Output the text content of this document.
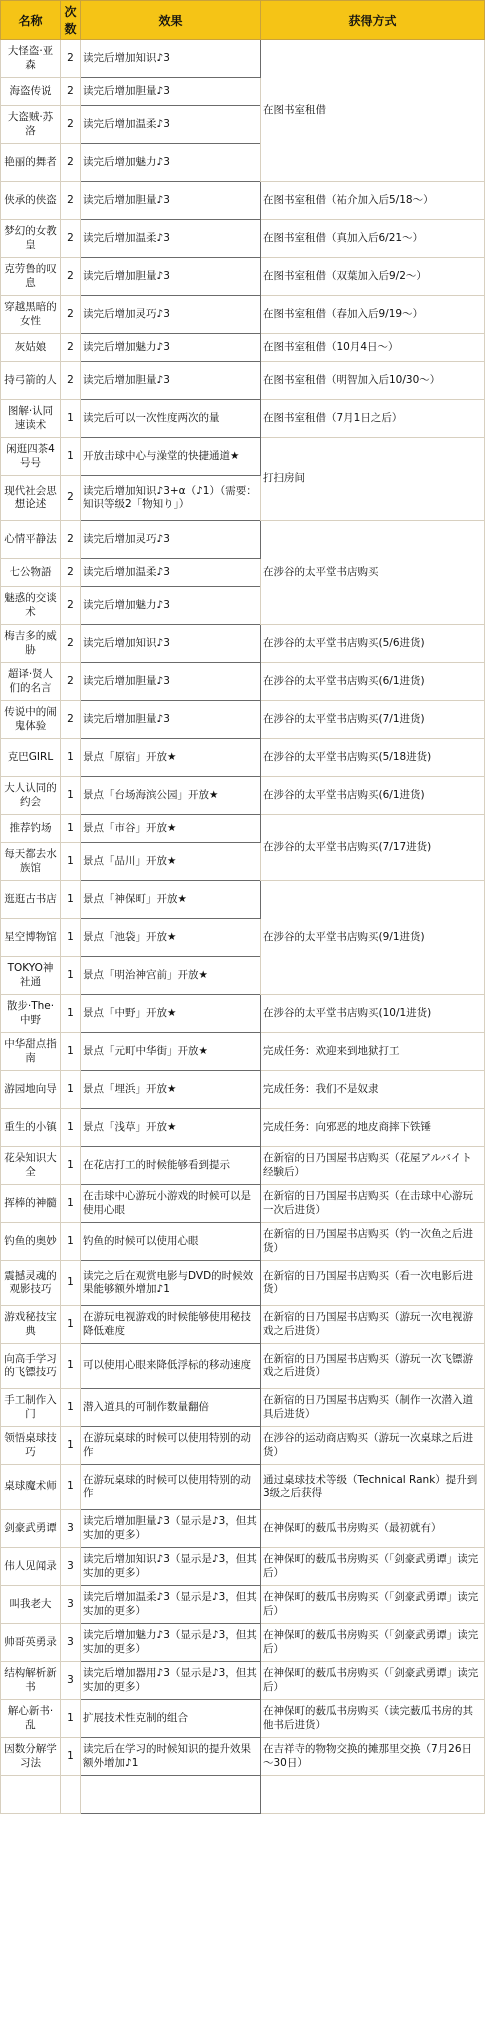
名称	次数	效果	获得方式
大怪盗·亚森	2	读完后增加知识♪3	在图书室租借
海盗传说	2	读完后增加胆量♪3	
大盗贼·苏洛	2	读完后增加温柔♪3	
艳丽的舞者	2	读完后增加魅力♪3	
侠承的侠盗	2	读完后增加胆量♪3	在图书室租借（祐介加入后5/18～）
梦幻的女教皇	2	读完后增加温柔♪3	在图书室租借（真加入后6/21～）
克劳鲁的叹息	2	读完后增加胆量♪3	在图书室租借（双葉加入后9/2～）
穿越黑暗的女性	2	读完后增加灵巧♪3	在图书室租借（春加入后9/19～）
灰姑娘	2	读完后增加魅力♪3	在图书室租借（10月4日～）
持弓箭的人	2	读完后增加胆量♪3	在图书室租借（明智加入后10/30～）
图解·认同速读术	1	读完后可以一次性度两次的量	在图书室租借（7月1日之后）
闲逛四茶4号号	1	开放击球中心与澡堂的快捷通道★	打扫房间
现代社会思想论述	2	读完后增加知识♪3+α（♪1）（需要：知识等级2「物知り」）	
心情平静法	2	读完后增加灵巧♪3	在涉谷的太平堂书店购买
七公物語	2	读完后增加温柔♪3	
魅惑的交谈术	2	读完后增加魅力♪3	
梅吉多的威胁	2	读完后增加知识♪3	在涉谷的太平堂书店购买(5/6进货)
超译·贤人们的名言	2	读完后增加胆量♪3	在涉谷的太平堂书店购买(6/1进货)
传说中的闹鬼体验	2	读完后增加胆量♪3	在涉谷的太平堂书店购买(7/1进货)
克巴GIRL	1	景点「原宿」开放★	在涉谷的太平堂书店购买(5/18进货)
大人认同的约会	1	景点「台场海滨公园」开放★	在涉谷的太平堂书店购买(6/1进货)
推荐钓场	1	景点「市谷」开放★	在涉谷的太平堂书店购买(7/17进货)
每天都去水族馆	1	景点「品川」开放★	
逛逛古书店	1	景点「神保町」开放★	在涉谷的太平堂书店购买(9/1进货)
星空博物馆	1	景点「池袋」开放★	
TOKYO神社通	1	景点「明治神宫前」开放★	
散步·The·中野	1	景点「中野」开放★	在涉谷的太平堂书店购买(10/1进货)
中华甜点指南	1	景点「元町中华街」开放★	完成任务：欢迎来到地狱打工
游园地向导	1	景点「埋浜」开放★	完成任务：我们不是奴隶
重生的小镇	1	景点「浅草」开放★	完成任务：向邪恶的地皮商摔下铁锤
花朵知识大全	1	在花店打工的时候能够看到提示	在新宿的日乃国屋书店购买（花屋アルバイト经験后）
挥棒的神髓	1	在击球中心游玩小游戏的时候可以是使用心眼	在新宿的日乃国屋书店购买（在击球中心游玩一次后进货）
钓鱼的奥妙	1	钓鱼的时候可以使用心眼	在新宿的日乃国屋书店购买（钓一次鱼之后进货）
震撼灵魂的观影技巧	1	读完之后在观赏电影与DVD的时候效果能够额外增加♪1	在新宿的日乃国屋书店购买（看一次电影后进货）
游戏秘技宝典	1	在游玩电视游戏的时候能够使用秘技降低难度	在新宿的日乃国屋书店购买（游玩一次电视游戏之后进货）
向高手学习的飞镖技巧	1	可以使用心眼来降低浮标的移动速度	在新宿的日乃国屋书店购买（游玩一次飞镖游戏之后进货）
手工制作入门	1	潜入道具的可制作数量翻倍	在新宿的日乃国屋书店购买（制作一次潜入道具后进货）
领悟桌球技巧	1	在游玩桌球的时候可以使用特别的动作	在涉谷的运动商店购买（游玩一次桌球之后进货）
桌球魔术师	1	在游玩桌球的时候可以使用特别的动作	通过桌球技术等级（Technical Rank）提升到3级之后获得
剑豪武勇谭	3	读完后增加胆量♪3（显示是♪3，但其实加的更多）	在神保町的薮瓜书房购买（最初就有）
伟人见闻录	3	读完后增加知识♪3（显示是♪3，但其实加的更多）	在神保町的薮瓜书房购买（「剑豪武勇谭」读完后）
叫我老大	3	读完后增加温柔♪3（显示是♪3，但其实加的更多）	在神保町的薮瓜书房购买（「剑豪武勇谭」读完后）
帅哥英勇录	3	读完后增加魅力♪3（显示是♪3，但其实加的更多）	在神保町的薮瓜书房购买（「剑豪武勇谭」读完后）
结构解析新书	3	读完后增加器用♪3（显示是♪3，但其实加的更多）	在神保町的薮瓜书房购买（「剑豪武勇谭」读完后）
解心新书·乱	1	扩展技术性克制的组合	在神保町的薮瓜书房购买（读完薮瓜书房的其他书后进货）
因数分解学习法	1	读完后在学习的时候知识的提升效果额外增加♪1	在吉祥寺的物物交换的摊那里交换（7月26日～30日）
